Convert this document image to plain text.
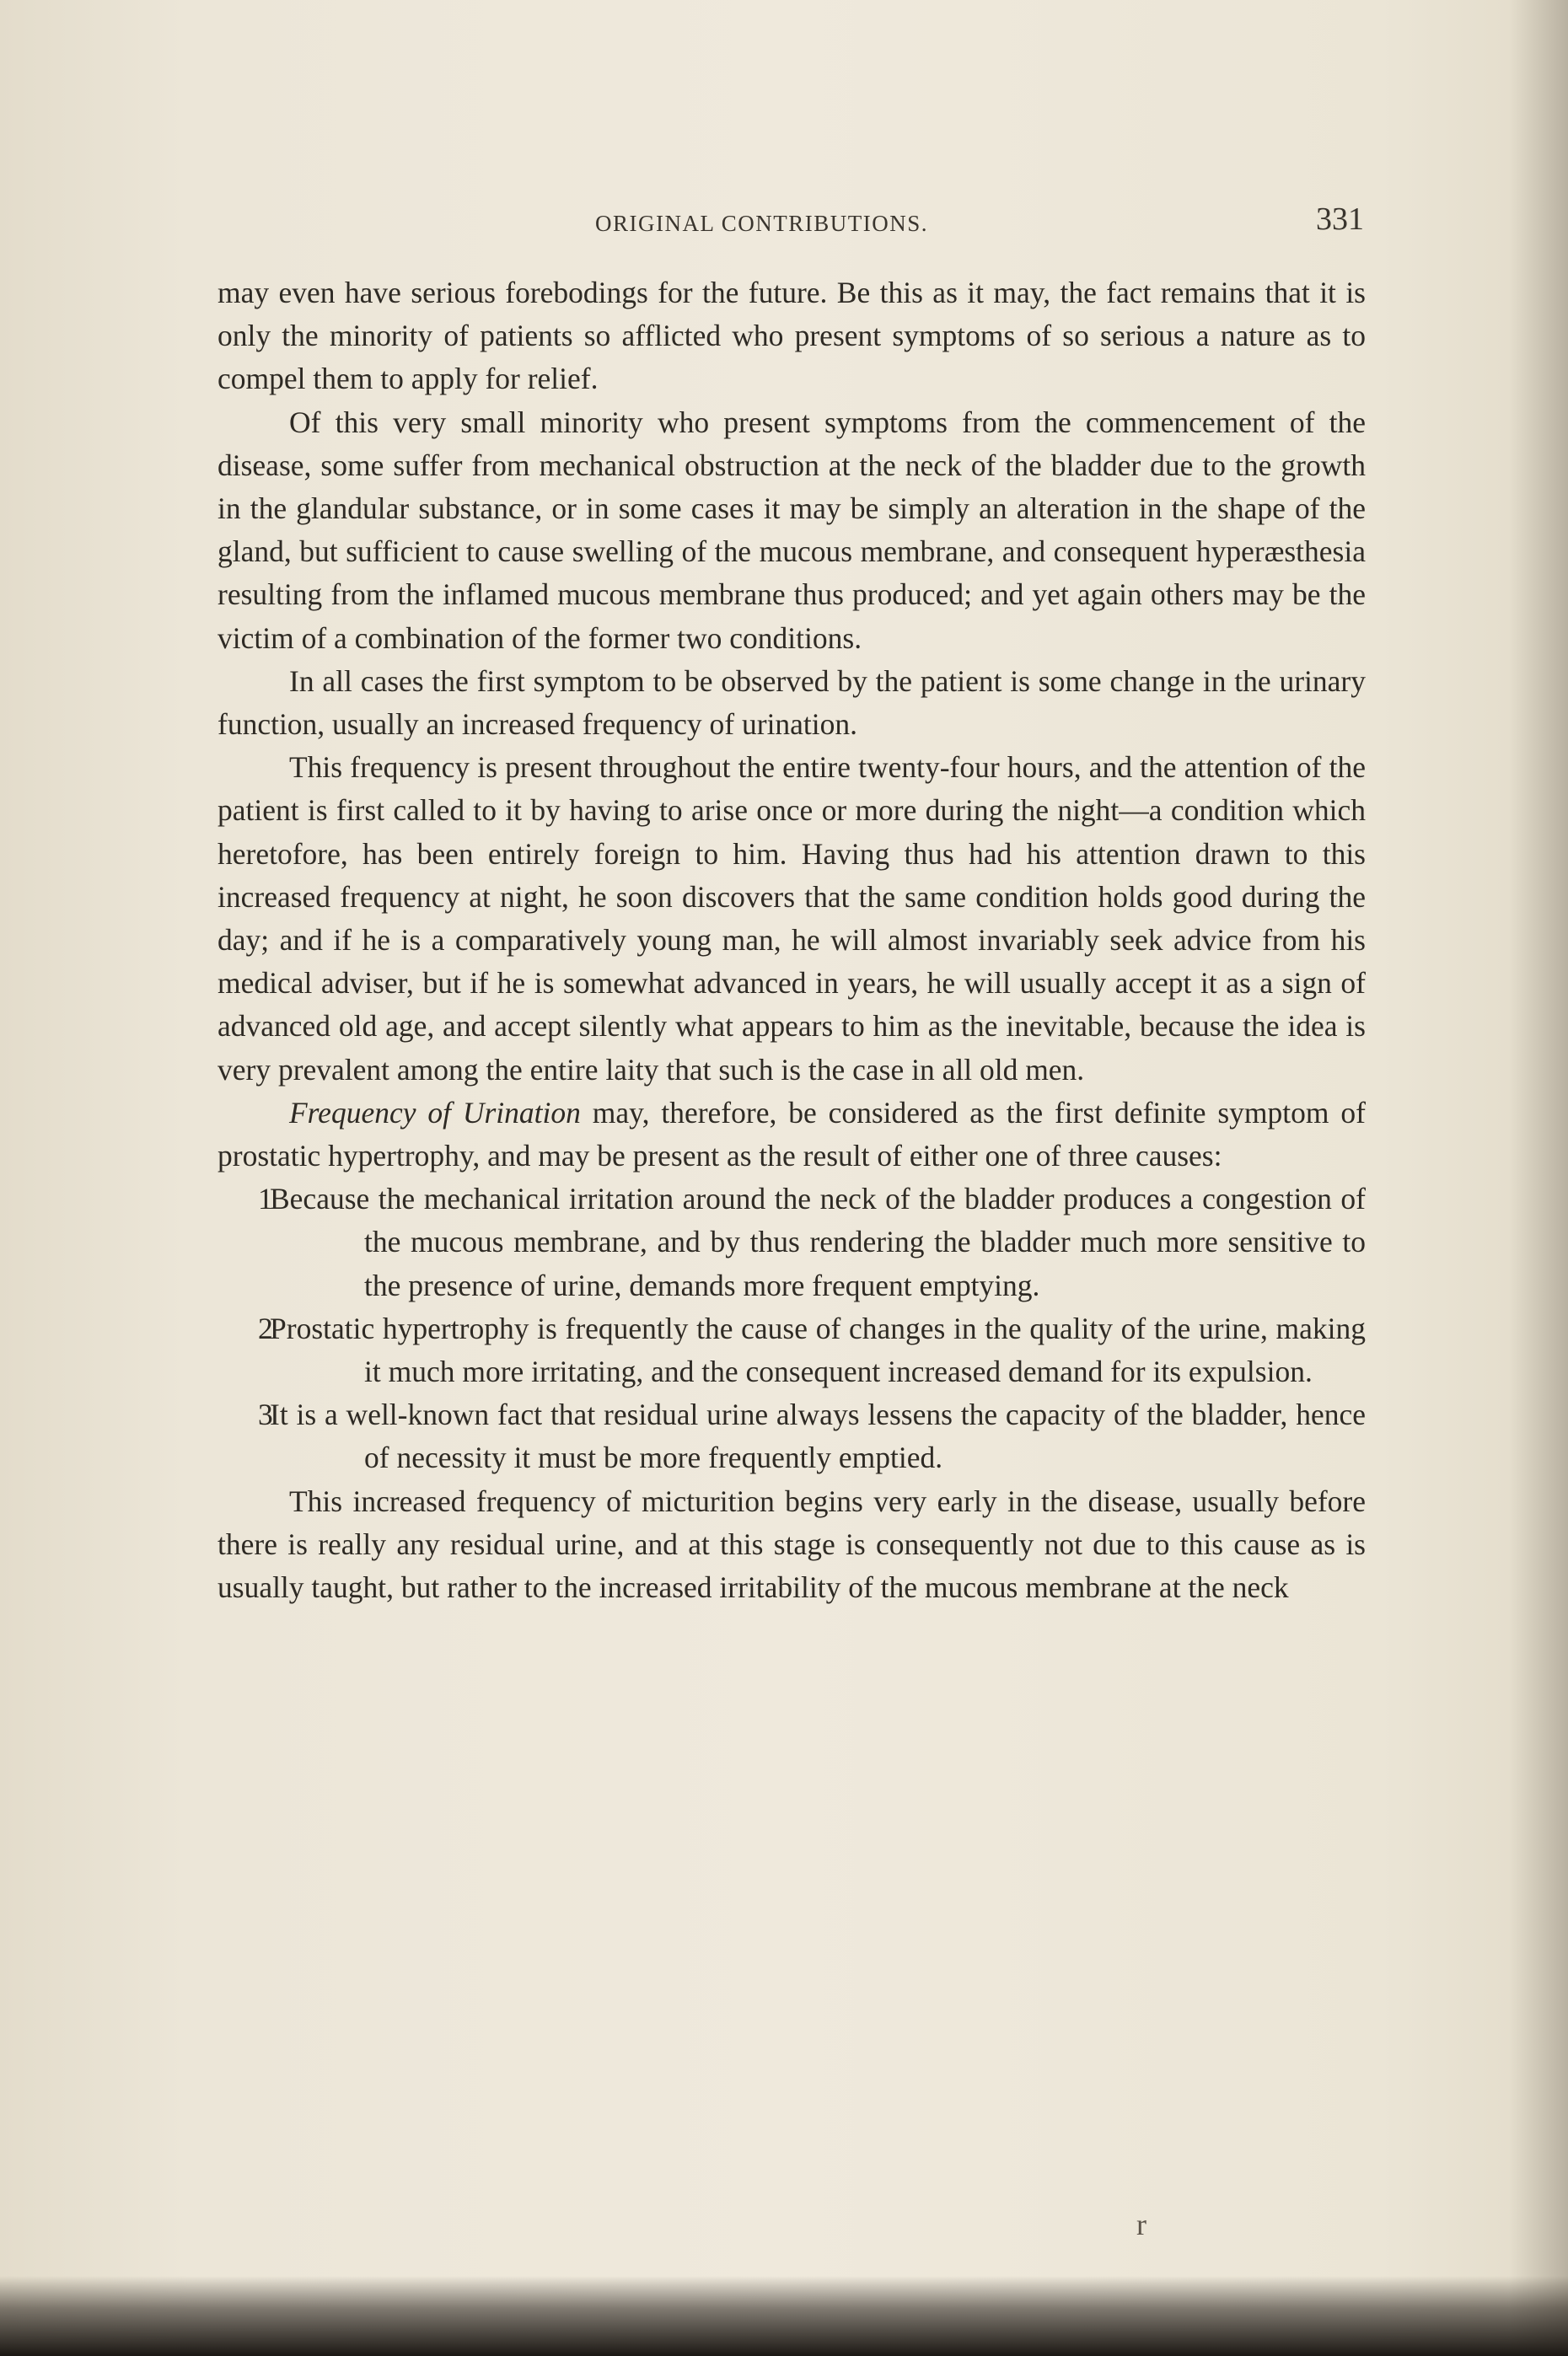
ORIGINAL CONTRIBUTIONS.	331

may even have serious forebodings for the future. Be this as it may, the fact remains that it is only the minority of patients so afflicted who present symptoms of so serious a nature as to compel them to apply for relief.

Of this very small minority who present symptoms from the commencement of the disease, some suffer from mechanical obstruction at the neck of the bladder due to the growth in the glandular substance, or in some cases it may be simply an alteration in the shape of the gland, but sufficient to cause swelling of the mucous membrane, and consequent hyperæsthesia resulting from the inflamed mucous membrane thus produced; and yet again others may be the victim of a combination of the former two conditions.

In all cases the first symptom to be observed by the patient is some change in the urinary function, usually an increased frequency of urination.

This frequency is present throughout the entire twenty-four hours, and the attention of the patient is first called to it by having to arise once or more during the night—a condition which heretofore, has been entirely foreign to him. Having thus had his attention drawn to this increased frequency at night, he soon discovers that the same condition holds good during the day; and if he is a comparatively young man, he will almost invariably seek advice from his medical adviser, but if he is somewhat advanced in years, he will usually accept it as a sign of advanced old age, and accept silently what appears to him as the inevitable, because the idea is very prevalent among the entire laity that such is the case in all old men.

Frequency of Urination may, therefore, be considered as the first definite symptom of prostatic hypertrophy, and may be present as the result of either one of three causes:

1
Because the mechanical irritation around the neck of the bladder produces a congestion of the mucous membrane, and by thus rendering the bladder much more sensitive to the presence of urine, demands more frequent emptying.

2
Prostatic hypertrophy is frequently the cause of changes in the quality of the urine, making it much more irritating, and the consequent increased demand for its expulsion.

3
It is a well-known fact that residual urine always lessens the capacity of the bladder, hence of necessity it must be more frequently emptied.

This increased frequency of micturition begins very early in the disease, usually before there is really any residual urine, and at this stage is consequently not due to this cause as is usually taught, but rather to the increased irritability of the mucous membrane at the neck

r
